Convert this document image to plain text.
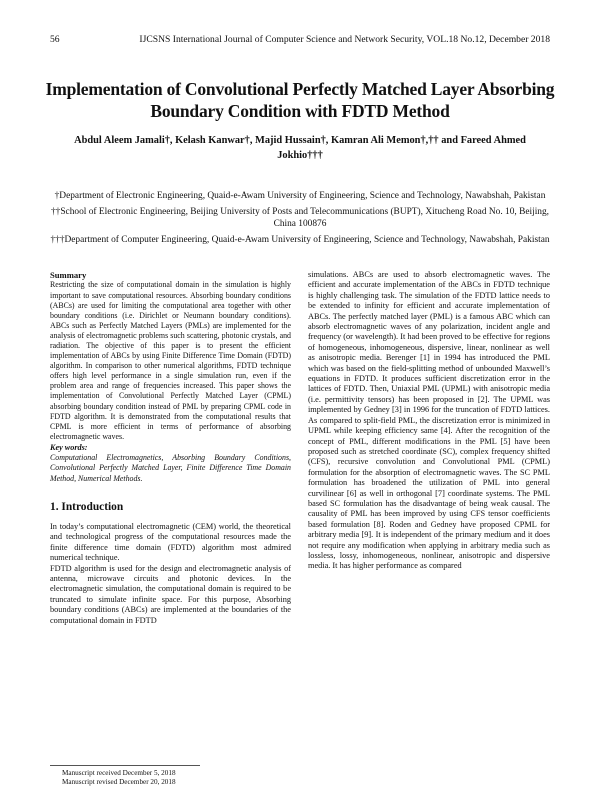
56	IJCSNS International Journal of Computer Science and Network Security, VOL.18 No.12, December 2018
Implementation of Convolutional Perfectly Matched Layer Absorbing Boundary Condition with FDTD Method
Abdul Aleem Jamali†, Kelash Kanwar†, Majid Hussain†, Kamran Ali Memon†,†† and Fareed Ahmed Jokhio†††

†Department of Electronic Engineering, Quaid-e-Awam University of Engineering, Science and Technology, Nawabshah, Pakistan

††School of Electronic Engineering, Beijing University of Posts and Telecommunications (BUPT), Xitucheng Road No. 10, Beijing, China 100876

†††Department of Computer Engineering, Quaid-e-Awam University of Engineering, Science and Technology, Nawabshah, Pakistan

Summary

Restricting the size of computational domain in the simulation is highly important to save computational resources. Absorbing boundary conditions (ABCs) are used for limiting the computational area together with other boundary conditions (i.e. Dirichlet or Neumann boundary conditions). ABCs such as Perfectly Matched Layers (PMLs) are implemented for the analysis of electromagnetic problems such scattering, photonic crystals, and radiation. The objective of this paper is to present the efficient implementation of ABCs by using Finite Difference Time Domain (FDTD) algorithm. In comparison to other numerical algorithms, FDTD technique offers high level performance in a single simulation run, even if the problem area and range of frequencies increased. This paper shows the implementation of Convolutional Perfectly Matched Layer (CPML) absorbing boundary condition instead of PML by preparing CPML code in FDTD algorithm. It is demonstrated from the computational results that CPML is more efficient in terms of performance of absorbing electromagnetic waves.

Key words:

Computational Electromagnetics, Absorbing Boundary Conditions, Convolutional Perfectly Matched Layer, Finite Difference Time Domain Method, Numerical Methods.

1. Introduction

In today’s computational electromagnetic (CEM) world, the theoretical and technological progress of the computational resources made the finite difference time domain (FDTD) algorithm most admired numerical technique.

FDTD algorithm is used for the design and electromagnetic analysis of antenna, microwave circuits and photonic devices. In the electromagnetic simulation, the computational domain is required to be truncated to simulate infinite space. For this purpose, Absorbing boundary conditions (ABCs) are implemented at the boundaries of the computational domain in FDTD

simulations. ABCs are used to absorb electromagnetic waves. The efficient and accurate implementation of the ABCs in FDTD technique is highly challenging task. The simulation of the FDTD lattice needs to be extended to infinity for efficient and accurate implementation of ABCs. The perfectly matched layer (PML) is a famous ABC which can absorb electromagnetic waves of any polarization, incident angle and frequency (or wavelength). It had been proved to be effective for regions of homogeneous, inhomogeneous, dispersive, linear, nonlinear as well as anisotropic media. Berenger [1] in 1994 has introduced the PML which was based on the field-splitting method of unbounded Maxwell’s equations in FDTD. It produces sufficient discretization error in the lattices of FDTD. Then, Uniaxial PML (UPML) with anisotropic media (i.e. permittivity tensors) has been proposed in [2]. The UPML was implemented by Gedney [3] in 1996 for the truncation of FDTD lattices. As compared to split-field PML, the discretization error is minimized in UPML while keeping efficiency same [4]. After the recognition of the concept of PML, different modifications in the PML [5] have been proposed such as stretched coordinate (SC), complex frequency shifted (CFS), recursive convolution and Convolutional PML (CPML) formulation for the absorption of electromagnetic waves. The SC PML formulation has broadened the utilization of PML into general curvilinear [6] as well in orthogonal [7] coordinate systems. The PML based SC formulation has the disadvantage of being weak causal. The causality of PML has been improved by using CFS tensor coefficients based formulation [8]. Roden and Gedney have proposed CPML for arbitrary media [9]. It is independent of the primary medium and it does not require any modification when applying in arbitrary media such as lossless, lossy, inhomogeneous, nonlinear, anisotropic and dispersive media. It has higher performance as compared

Manuscript received December 5, 2018
Manuscript revised December 20, 2018
